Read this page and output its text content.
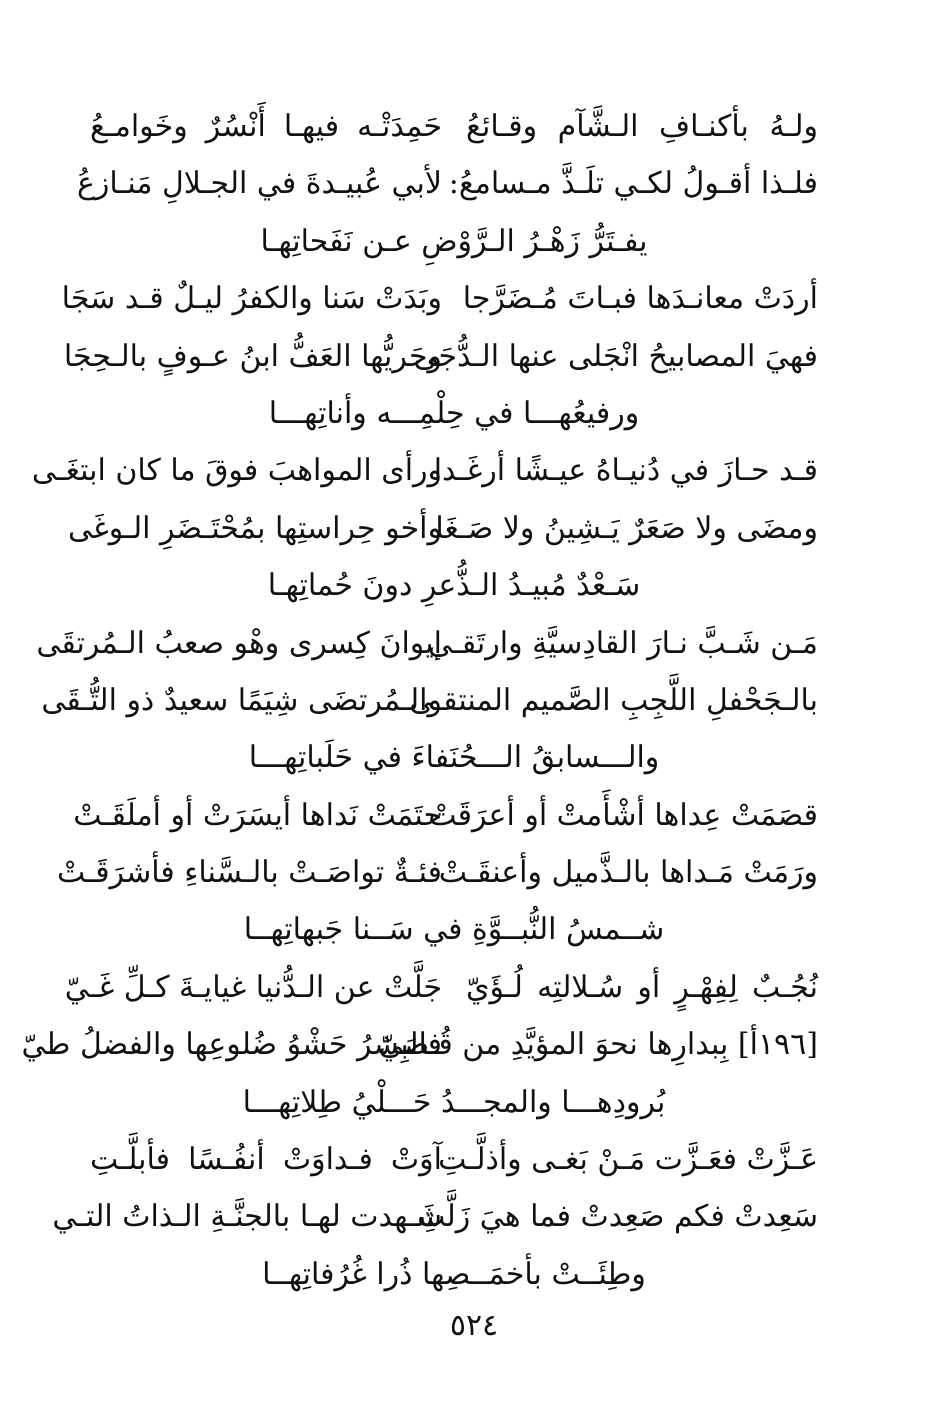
ولـهُ بأكنـافِ الـشَّآم وقـائعُ
حَمِدَتْـه فيهـا أَنْسُرٌ وخَوامـعُ
فلـذا أقـولُ لكـي تلَـذَّ مـسامعُ:
لأبي عُبيـدةَ في الجـلالِ مَنـازعُ
يفـتَرُّ زَهْـرُ الـرَّوْضِ عـن نَفَحاتِهـا
أردَتْ معانـدَها فبـاتَ مُـضَرَّجا
وبَدَتْ سَنا والكفرُ ليـلٌ قـد سَجَا
فهيَ المصابيحُ انْجَلى عنها الـدُّجَى
وحَريُّها العَفُّ ابنُ عـوفٍ بالـحِجَا
ورفيعُهـــا في حِلْمِـــه وأناتِهـــا
قـد حـازَ في دُنيـاهُ عيـشًا أرغَـدا
ورأى المواهبَ فوقَ ما كان ابتغَـى
ومضَى ولا صَعَرٌ يَـشِينُ ولا صَـغَا
وأخو حِراستِها بمُحْتَـضَرِ الـوغَى
سَـعْدٌ مُبيـدُ الـذُّعرِ دونَ حُماتِهـا
مَـن شَـبَّ نـارَ القادِسيَّةِ وارتَقـى
إيوانَ كِسرى وهْو صعبُ الـمُرتقَى
بالـجَحْفلِ اللَّجِبِ الصَّميم المنتقـى
والـمُرتضَى شِيَمًا سعيدٌ ذو التُّـقَى
والـــسابقُ الـــحُنَفاءَ في حَلَباتِهـــا
قصَمَتْ عِداها أشْأَمتْ أو أعرَقَتْ
حتَمَتْ نَداها أيسَرَتْ أو أملَقَـتْ
ورَمَتْ مَـداها بالـذَّميل وأعنقَـتْ
فئـةٌ تواصَـتْ بالـسَّناءِ فأشرَقَـتْ
شــمسُ النُّبــوَّةِ في سَــنا جَبهاتِهــا
نُجُـبٌ لِفِهْـرٍ أو سُـلالتِه لُـؤَيّ
جَلَّتْ عن الـدُّنيا غيايـةَ كـلِّ غَـيّ
[١٩٦أ] بِبدارِها نحوَ المؤيَّدِ من قُـصَيّ
فالبِشرُ حَشْوُ ضُلوعِها والفضلُ طيّ
بُرودِهـــا والمجـــدُ حَـــلْيُ طِلاتِهـــا
عَـزَّتْ فعَـزَّت مَـنْ بَغـى وأذلَّـتِ
آوَتْ فـداوَتْ أنفُـسًا فأبلَّـتِ
سَعِدتْ فكم صَعِدتْ فما هيَ زَلَّتِ
شَـهدت لهـا بالجنَّـةِ الـذاتُ التـي
وطِئَــتْ بأخمَــصِها ذُرا غُرُفاتِهــا
٥٢٤
